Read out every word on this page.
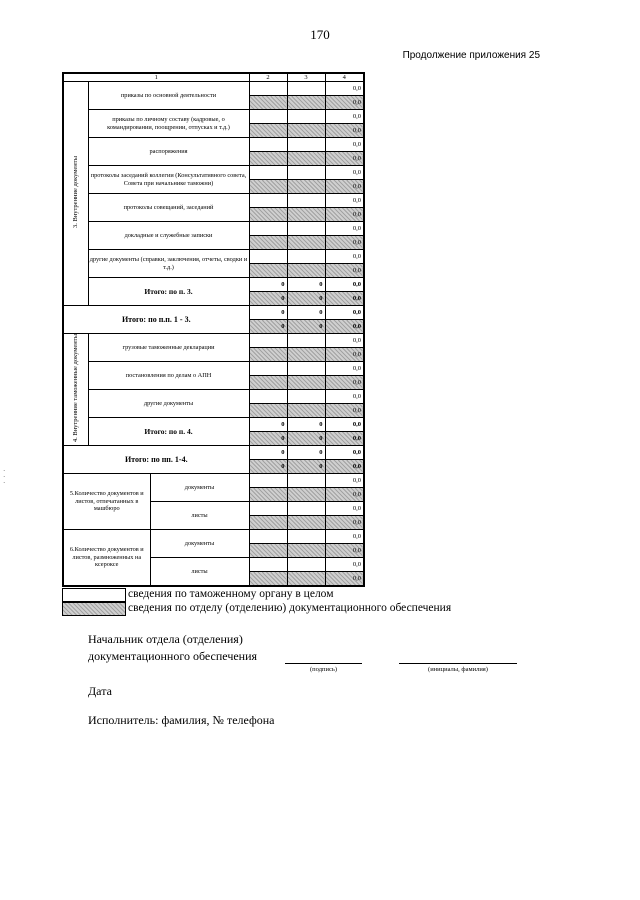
170
Продолжение приложения 25
1			2	3	4
3. Внутренние документы	приказы по основной деятельности				0,0
					0,0
	приказы по личному составу (кадровые, о командировании, поощрении, отпусках и т.д.)				0,0
					0,0
	распоряжения				0,0
					0,0
	протоколы заседаний коллегии (Консультативного совета, Совета при начальнике таможни)				0,0
					0,0
	протоколы совещаний, заседаний				0,0
					0,0
	докладные и служебные записки				0,0
					0,0
	другие документы (справки, заключения, отчеты, сводки и т.д.)				0,0
					0,0
	Итого: по п. 3.		0	0	0,0
			0	0	0,0
Итого: по п.п. 1 - 3.			0	0	0,0
			0	0	0,0
4. Внутренние таможенные документы	грузовые таможенные декларации				0,0
					0,0
	постановления по делам о АПН				0,0
					0,0
	другие документы				0,0
					0,0
	Итого: по п. 4.		0	0	0,0
			0	0	0,0
Итого: по пп. 1-4.			0	0	0,0
			0	0	0,0
5.Количество документов и листов, отпечатанных в машбюро		документы			0,0
					0,0
		листы			0,0
					0,0
6.Количество документов и листов, размноженных на ксероксе		документы			0,0
					0,0
		листы			0,0
					0,0
·
·
·
сведения по таможенному органу в целом
сведения по отделу (отделению) документационного обеспечения
Начальник отдела (отделения)
документационного обеспечения
(подпись)	(инициалы, фамилия)
Дата
Исполнитель: фамилия, № телефона
